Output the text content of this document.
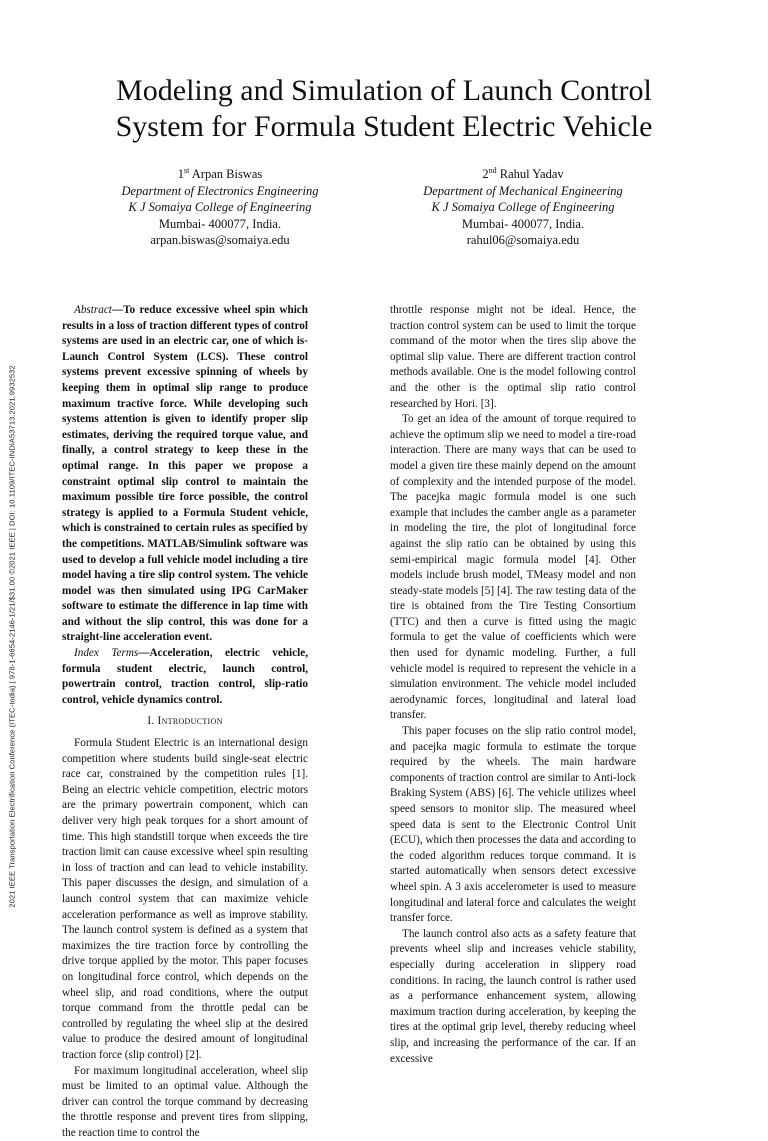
2021 IEEE Transportation Electrification Conference (ITEC-India) | 978-1-6654-2146-1/21/$31.00 ©2021 IEEE | DOI: 10.1109/ITEC-INDIA53713.2021.9932532
Modeling and Simulation of Launch Control
System for Formula Student Electric Vehicle
1st Arpan Biswas
Department of Electronics Engineering
K J Somaiya College of Engineering
Mumbai- 400077, India.
arpan.biswas@somaiya.edu
2nd Rahul Yadav
Department of Mechanical Engineering
K J Somaiya College of Engineering
Mumbai- 400077, India.
rahul06@somaiya.edu

Abstract—To reduce excessive wheel spin which results in a loss of traction different types of control systems are used in an electric car, one of which is- Launch Control System (LCS). These control systems prevent excessive spinning of wheels by keeping them in optimal slip range to produce maximum tractive force. While developing such systems attention is given to identify proper slip estimates, deriving the required torque value, and finally, a control strategy to keep these in the optimal range. In this paper we propose a constraint optimal slip control to maintain the maximum possible tire force possible, the control strategy is applied to a Formula Student vehicle, which is constrained to certain rules as specified by the competitions. MATLAB/Simulink software was used to develop a full vehicle model including a tire model having a tire slip control system. The vehicle model was then simulated using IPG CarMaker software to estimate the difference in lap time with and without the slip control, this was done for a straight-line acceleration event.

Index Terms—Acceleration, electric vehicle, formula student electric, launch control, powertrain control, traction control, slip-ratio control, vehicle dynamics control.

I. Introduction

Formula Student Electric is an international design competition where students build single-seat electric race car, constrained by the competition rules [1]. Being an electric vehicle competition, electric motors are the primary powertrain component, which can deliver very high peak torques for a short amount of time. This high standstill torque when exceeds the tire traction limit can cause excessive wheel spin resulting in loss of traction and can lead to vehicle instability. This paper discusses the design, and simulation of a launch control system that can maximize vehicle acceleration performance as well as improve stability. The launch control system is defined as a system that maximizes the tire traction force by controlling the drive torque applied by the motor. This paper focuses on longitudinal force control, which depends on the wheel slip, and road conditions, where the output torque command from the throttle pedal can be controlled by regulating the wheel slip at the desired value to produce the desired amount of longitudinal traction force (slip control) [2].

For maximum longitudinal acceleration, wheel slip must be limited to an optimal value. Although the driver can control the torque command by decreasing the throttle response and prevent tires from slipping, the reaction time to control the

throttle response might not be ideal. Hence, the traction control system can be used to limit the torque command of the motor when the tires slip above the optimal slip value. There are different traction control methods available. One is the model following control and the other is the optimal slip ratio control researched by Hori. [3].

To get an idea of the amount of torque required to achieve the optimum slip we need to model a tire-road interaction. There are many ways that can be used to model a given tire these mainly depend on the amount of complexity and the intended purpose of the model. The pacejka magic formula model is one such example that includes the camber angle as a parameter in modeling the tire, the plot of longitudinal force against the slip ratio can be obtained by using this semi-empirical magic formula model [4]. Other models include brush model, TMeasy model and non steady-state models [5] [4]. The raw testing data of the tire is obtained from the Tire Testing Consortium (TTC) and then a curve is fitted using the magic formula to get the value of coefficients which were then used for dynamic modeling. Further, a full vehicle model is required to represent the vehicle in a simulation environment. The vehicle model included aerodynamic forces, longitudinal and lateral load transfer.

This paper focuses on the slip ratio control model, and pacejka magic formula to estimate the torque required by the wheels. The main hardware components of traction control are similar to Anti-lock Braking System (ABS) [6]. The vehicle utilizes wheel speed sensors to monitor slip. The measured wheel speed data is sent to the Electronic Control Unit (ECU), which then processes the data and according to the coded algorithm reduces torque command. It is started automatically when sensors detect excessive wheel spin. A 3 axis accelerometer is used to measure longitudinal and lateral force and calculates the weight transfer force.

The launch control also acts as a safety feature that prevents wheel slip and increases vehicle stability, especially during acceleration in slippery road conditions. In racing, the launch control is rather used as a performance enhancement system, allowing maximum traction during acceleration, by keeping the tires at the optimal grip level, thereby reducing wheel slip, and increasing the performance of the car. If an excessive
